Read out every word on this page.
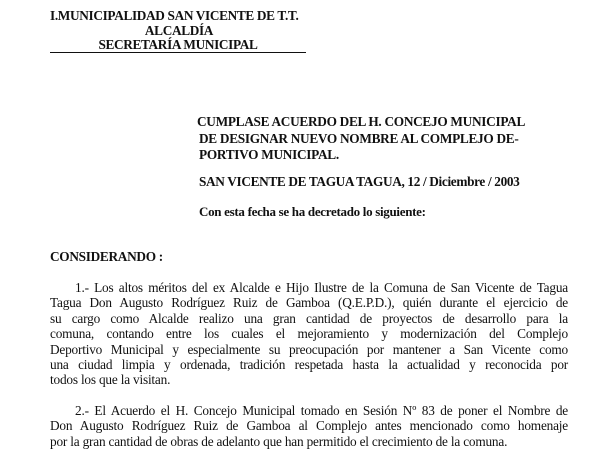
I.MUNICIPALIDAD SAN VICENTE DE T.T.
ALCALDÍA
SECRETARÍA MUNICIPAL
CUMPLASE ACUERDO DEL H. CONCEJO MUNICIPAL
DE DESIGNAR NUEVO NOMBRE AL COMPLEJO DE-
PORTIVO MUNICIPAL.
SAN VICENTE DE TAGUA TAGUA, 12 / Diciembre / 2003
Con esta fecha se ha decretado lo siguiente:
CONSIDERANDO :
1.- Los altos méritos del ex Alcalde e Hijo Ilustre de la Comuna de San Vicente de Tagua
Tagua Don Augusto Rodríguez Ruiz de Gamboa (Q.E.P.D.), quién durante el ejercicio de
su cargo como Alcalde realizo una gran cantidad de proyectos de desarrollo para la
comuna, contando entre los cuales el mejoramiento y modernización del Complejo
Deportivo Municipal y especialmente su preocupación por mantener a San Vicente como
una ciudad limpia y ordenada, tradición respetada hasta la actualidad y reconocida por
todos los que la visitan.
2.- El Acuerdo el H. Concejo Municipal tomado en Sesión Nº 83 de poner el Nombre de
Don Augusto Rodríguez Ruiz de Gamboa al Complejo antes mencionado como homenaje
por la gran cantidad de obras de adelanto que han permitido el crecimiento de la comuna.
